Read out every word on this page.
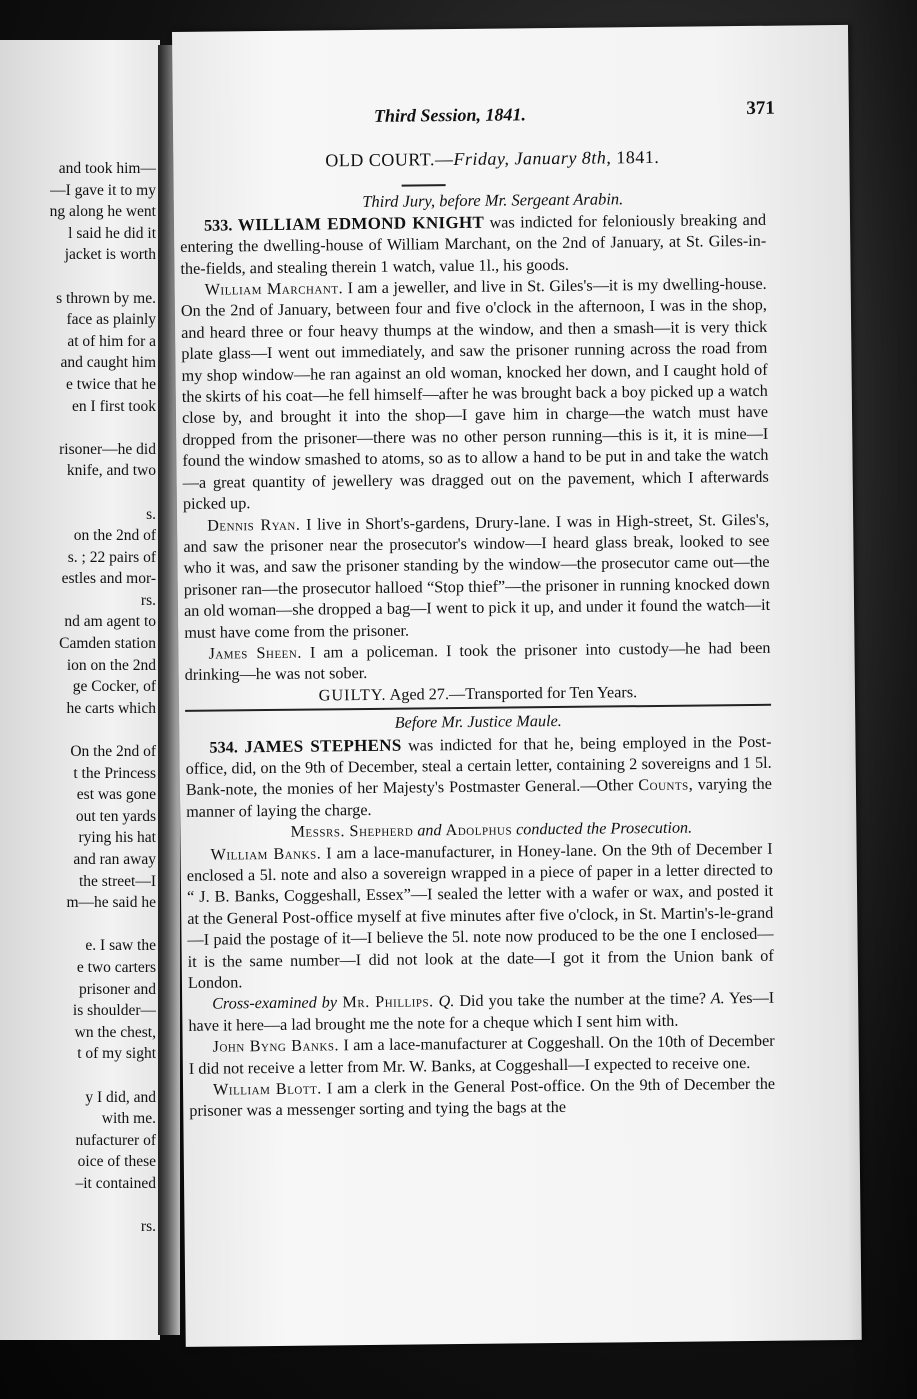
and took him—
—I gave it to my
ng along he went
l said he did it
jacket is worth
s thrown by me.
face as plainly
at of him for a
and caught him
e twice that he
en I first took
risoner—he did
knife, and two
s.
on the 2nd of
s. ; 22 pairs of
estles and mor-
rs.
nd am agent to
Camden station
ion on the 2nd
ge Cocker, of
he carts which
On the 2nd of
t the Princess
est was gone
out ten yards
rying his hat
and ran away
the street—I
m—he said he
e. I saw the
e two carters
prisoner and
is shoulder—
wn the chest,
t of my sight
y I did, and
with me.
nufacturer of
oice of these
–it contained
rs.
Third Session, 1841.	371
OLD COURT.—Friday, January 8th, 1841.
Third Jury, before Mr. Sergeant Arabin.

533. WILLIAM EDMOND KNIGHT was indicted for feloniously breaking and entering the dwelling-house of William Marchant, on the 2nd of January, at St. Giles-in-the-fields, and stealing therein 1 watch, value 1l., his goods.

William Marchant. I am a jeweller, and live in St. Giles's—it is my dwelling-house. On the 2nd of January, between four and five o'clock in the afternoon, I was in the shop, and heard three or four heavy thumps at the window, and then a smash—it is very thick plate glass—I went out immediately, and saw the prisoner running across the road from my shop window—he ran against an old woman, knocked her down, and I caught hold of the skirts of his coat—he fell himself—after he was brought back a boy picked up a watch close by, and brought it into the shop—I gave him in charge—the watch must have dropped from the prisoner—there was no other person running—this is it, it is mine—I found the window smashed to atoms, so as to allow a hand to be put in and take the watch—a great quantity of jewellery was dragged out on the pavement, which I afterwards picked up.

Dennis Ryan. I live in Short's-gardens, Drury-lane. I was in High-street, St. Giles's, and saw the prisoner near the prosecutor's window—I heard glass break, looked to see who it was, and saw the prisoner standing by the window—the prosecutor came out—the prisoner ran—the prosecutor halloed “Stop thief”—the prisoner in running knocked down an old woman—she dropped a bag—I went to pick it up, and under it found the watch—it must have come from the prisoner.

James Sheen. I am a policeman. I took the prisoner into custody—he had been drinking—he was not sober.

GUILTY. Aged 27.—Transported for Ten Years.

Before Mr. Justice Maule.

534. JAMES STEPHENS was indicted for that he, being employed in the Post-office, did, on the 9th of December, steal a certain letter, containing 2 sovereigns and 1 5l. Bank-note, the monies of her Majesty's Postmaster General.—Other Counts, varying the manner of laying the charge.

Messrs. Shepherd and Adolphus conducted the Prosecution.

William Banks. I am a lace-manufacturer, in Honey-lane. On the 9th of December I enclosed a 5l. note and also a sovereign wrapped in a piece of paper in a letter directed to “ J. B. Banks, Coggeshall, Essex”—I sealed the letter with a wafer or wax, and posted it at the General Post-office myself at five minutes after five o'clock, in St. Martin's-le-grand—I paid the postage of it—I believe the 5l. note now produced to be the one I enclosed—it is the same number—I did not look at the date—I got it from the Union bank of London.

Cross-examined by Mr. Phillips. Q. Did you take the number at the time? A. Yes—I have it here—a lad brought me the note for a cheque which I sent him with.

John Byng Banks. I am a lace-manufacturer at Coggeshall. On the 10th of December I did not receive a letter from Mr. W. Banks, at Coggeshall—I expected to receive one.

William Blott. I am a clerk in the General Post-office. On the 9th of December the prisoner was a messenger sorting and tying the bags at the
